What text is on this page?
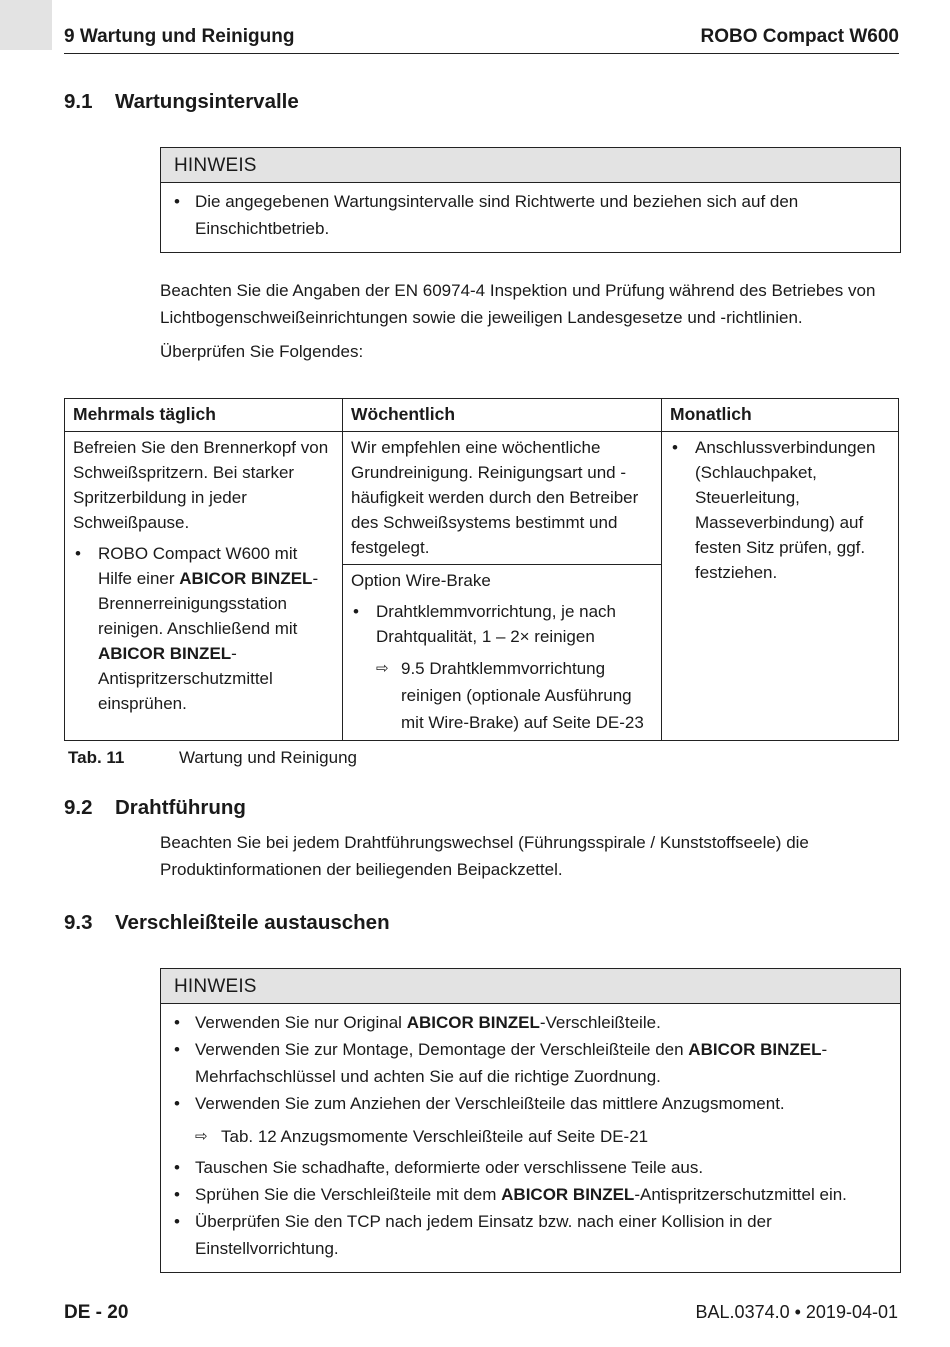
9 Wartung und Reinigung	ROBO Compact W600
9.1 Wartungsintervalle
HINWEIS
• Die angegebenen Wartungsintervalle sind Richtwerte und beziehen sich auf den Einschichtbetrieb.
Beachten Sie die Angaben der EN 60974-4 Inspektion und Prüfung während des Betriebes von Lichtbogenschweißeinrichtungen sowie die jeweiligen Landesgesetze und -richtlinien.
Überprüfen Sie Folgendes:
Mehrmals täglich	Wöchentlich	Monatlich

Befreien Sie den Brennerkopf von Schweißspritzern. Bei starker Spritzerbildung in jeder Schweißpause.
• ROBO Compact W600 mit Hilfe einer ABICOR BINZEL-Brennerreinigungsstation reinigen. Anschließend mit ABICOR BINZEL-Antispritzerschutzmittel einsprühen.	Wir empfehlen eine wöchentliche Grundreinigung. Reinigungsart und -häufigkeit werden durch den Betreiber des Schweißsystems bestimmt und festgelegt.	• Anschlussverbindungen (Schlauchpaket, Steuerleitung, Masseverbindung) auf festen Sitz prüfen, ggf. festziehen.

	Option Wire-Brake
• Drahtklemmvorrichtung, je nach Drahtqualität, 1 – 2× reinigen
⇨ 9.5 Drahtklemmvorrichtung reinigen (optionale Ausführung mit Wire-Brake) auf Seite DE-23
Tab. 11	Wartung und Reinigung
9.2 Drahtführung
Beachten Sie bei jedem Drahtführungswechsel (Führungsspirale / Kunststoffseele) die Produktinformationen der beiliegenden Beipackzettel.
9.3 Verschleißteile austauschen
HINWEIS
• Verwenden Sie nur Original ABICOR BINZEL-Verschleißteile.
• Verwenden Sie zur Montage, Demontage der Verschleißteile den ABICOR BINZEL-Mehrfachschlüssel und achten Sie auf die richtige Zuordnung.
• Verwenden Sie zum Anziehen der Verschleißteile das mittlere Anzugsmoment.
⇨ Tab. 12 Anzugsmomente Verschleißteile auf Seite DE-21
• Tauschen Sie schadhafte, deformierte oder verschlissene Teile aus.
• Sprühen Sie die Verschleißteile mit dem ABICOR BINZEL-Antispritzerschutzmittel ein.
• Überprüfen Sie den TCP nach jedem Einsatz bzw. nach einer Kollision in der Einstellvorrichtung.
DE - 20	BAL.0374.0 • 2019-04-01
